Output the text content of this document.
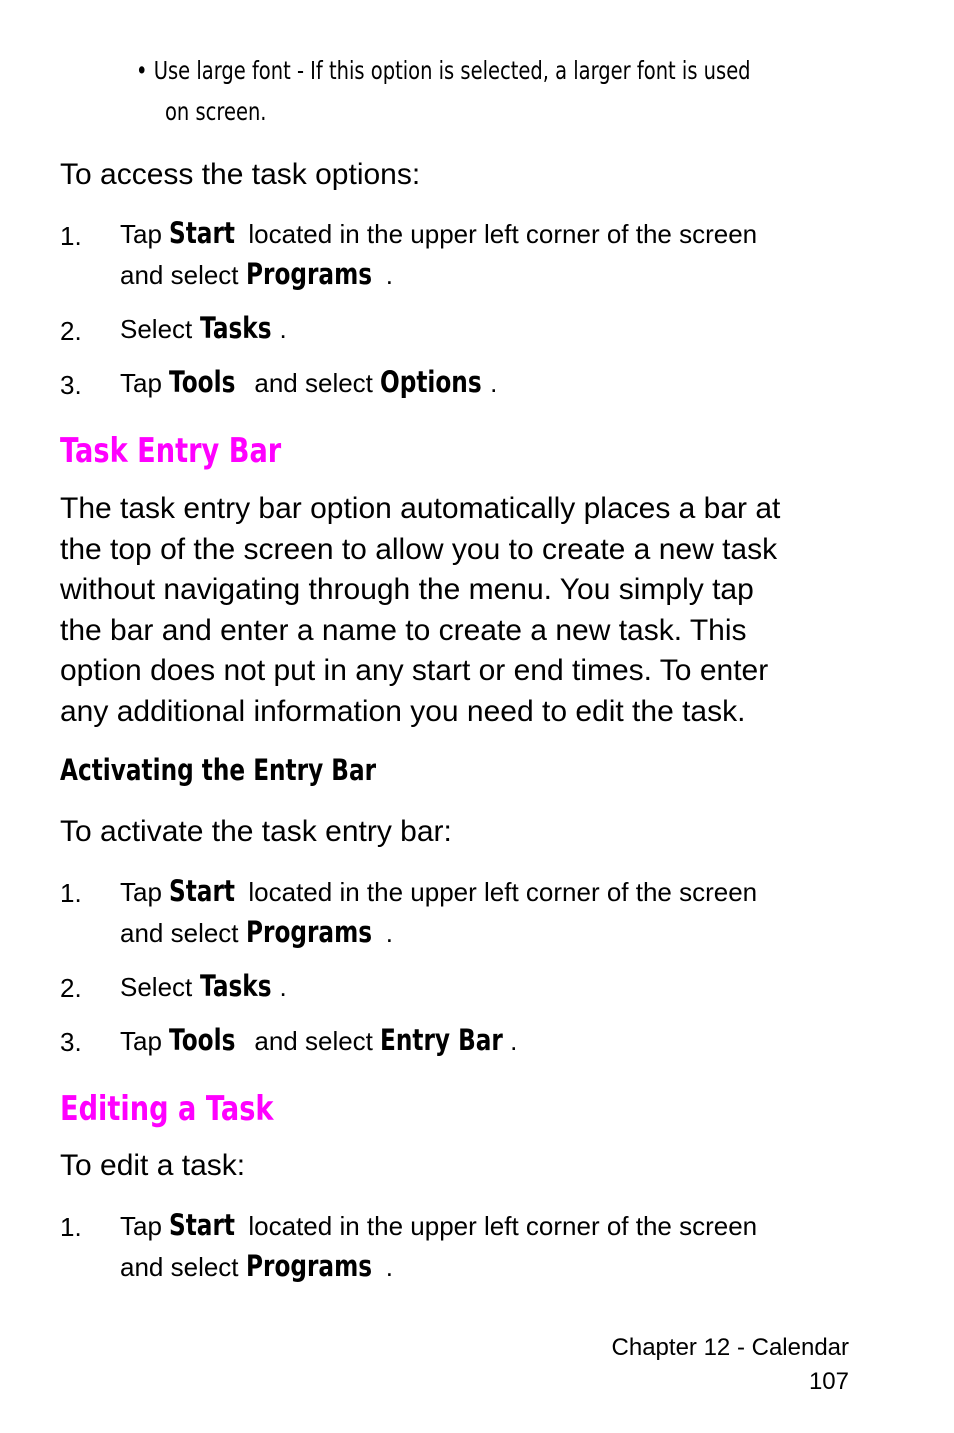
• Use large font - If this option is selected, a larger font is used
on screen.
To access the task options:
1. Tap Start located in the upper left corner of the screen
and select Programs .
2. Select Tasks .
3. Tap Tools and select Options .
Task Entry Bar
The task entry bar option automatically places a bar at
the top of the screen to allow you to create a new task
without navigating through the menu. You simply tap
the bar and enter a name to create a new task. This
option does not put in any start or end times. To enter
any additional information you need to edit the task.
Activating the Entry Bar
To activate the task entry bar:
1. Tap Start located in the upper left corner of the screen
and select Programs .
2. Select Tasks .
3. Tap Tools and select Entry Bar .
Editing a Task
To edit a task:
1. Tap Start located in the upper left corner of the screen
and select Programs .
Chapter 12 - Calendar
107
